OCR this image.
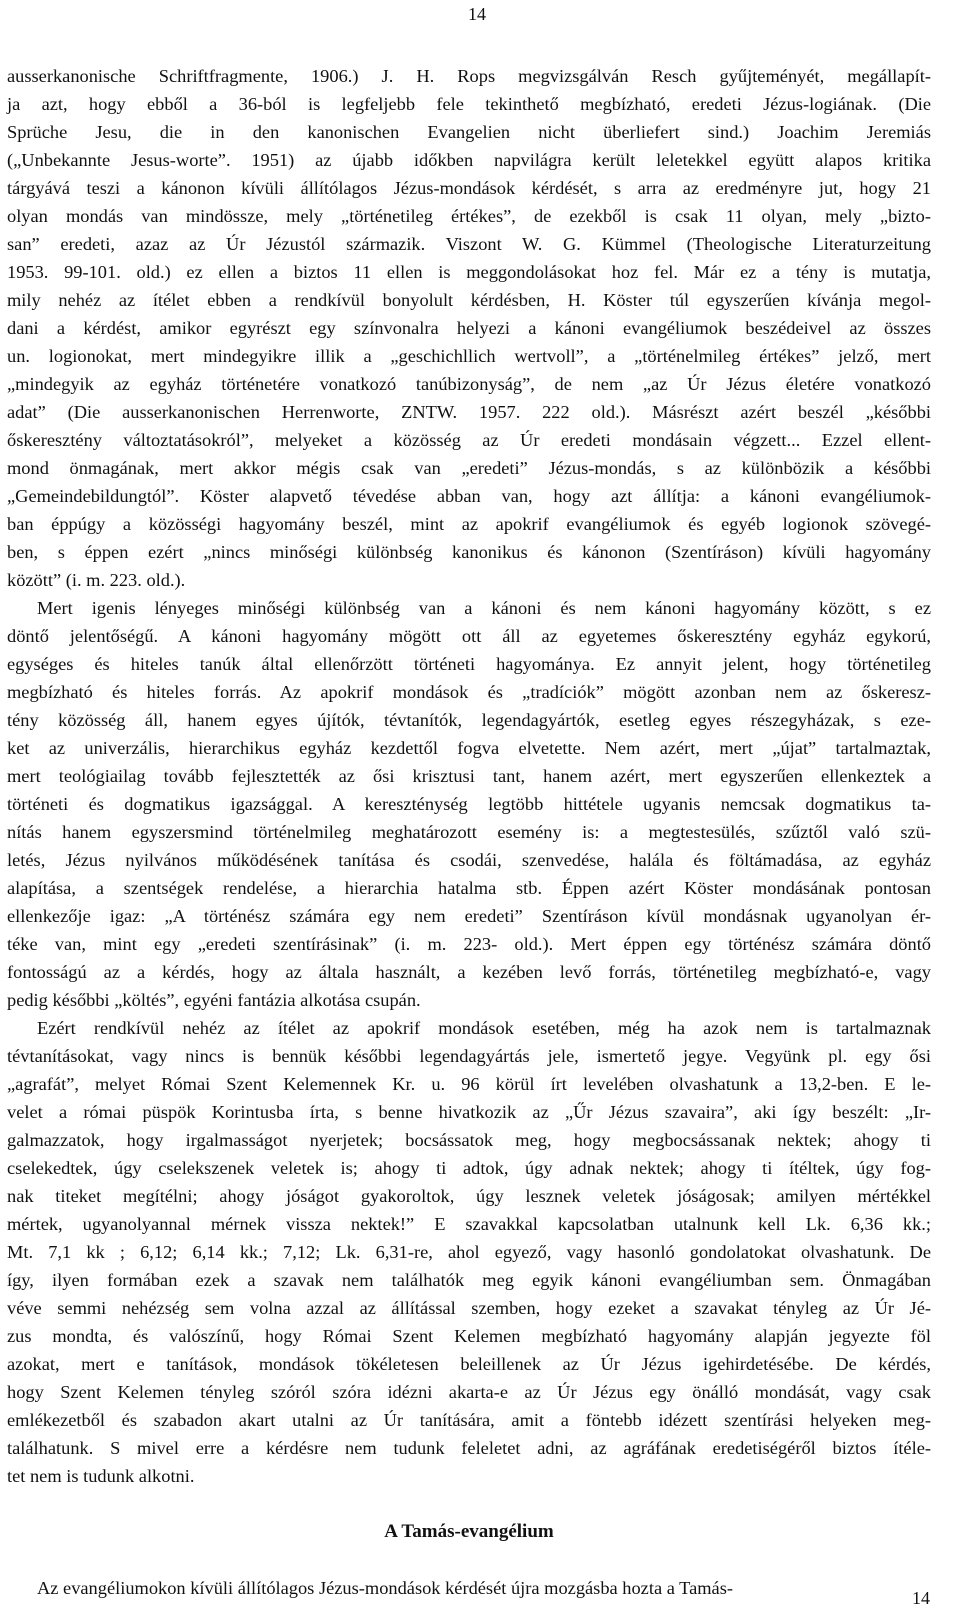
14
ausserkanonische Schriftfragmente, 1906.) J. H. Rops megvizsgálván Resch gyűjteményét, megállapít-
ja azt, hogy ebből a 36-ból is legfeljebb fele tekinthető megbízható, eredeti Jézus-logiának. (Die
Sprüche Jesu, die in den kanonischen Evangelien nicht überliefert sind.) Joachim Jeremiás
(„Unbekannte Jesus-worte”. 1951) az újabb időkben napvilágra került leletekkel együtt alapos kritika
tárgyává teszi a kánonon kívüli állítólagos Jézus-mondások kérdését, s arra az eredményre jut, hogy 21
olyan mondás van mindössze, mely „történetileg értékes”, de ezekből is csak 11 olyan, mely „bizto-
san” eredeti, azaz az Úr Jézustól származik. Viszont W. G. Kümmel (Theologische Literaturzeitung
1953. 99-101. old.) ez ellen a biztos 11 ellen is meggondolásokat hoz fel. Már ez a tény is mutatja,
mily nehéz az ítélet ebben a rendkívül bonyolult kérdésben, H. Köster túl egyszerűen kívánja megol-
dani a kérdést, amikor egyrészt egy színvonalra helyezi a kánoni evangéliumok beszédeivel az összes
un. logionokat, mert mindegyikre illik a „geschichllich wertvoll”, a „történelmileg értékes” jelző, mert
„mindegyik az egyház történetére vonatkozó tanúbizonyság”, de nem „az Úr Jézus életére vonatkozó
adat” (Die ausserkanonischen Herrenworte, ZNTW. 1957. 222 old.). Másrészt azért beszél „későbbi
őskeresztény változtatásokról”, melyeket a közösség az Úr eredeti mondásain végzett... Ezzel ellent-
mond önmagának, mert akkor mégis csak van „eredeti” Jézus-mondás, s az különbözik a későbbi
„Gemeindebildungtól”. Köster alapvető tévedése abban van, hogy azt állítja: a kánoni evangéliumok-
ban éppúgy a közösségi hagyomány beszél, mint az apokrif evangéliumok és egyéb logionok szövegé-
ben, s éppen ezért „nincs minőségi különbség kanonikus és kánonon (Szentíráson) kívüli hagyomány
között” (i. m. 223. old.).
Mert igenis lényeges minőségi különbség van a kánoni és nem kánoni hagyomány között, s ez
döntő jelentőségű. A kánoni hagyomány mögött ott áll az egyetemes őskeresztény egyház egykorú,
egységes és hiteles tanúk által ellenőrzött történeti hagyománya. Ez annyit jelent, hogy történetileg
megbízható és hiteles forrás. Az apokrif mondások és „tradíciók” mögött azonban nem az őskeresz-
tény közösség áll, hanem egyes újítók, tévtanítók, legendagyártók, esetleg egyes részegyházak, s eze-
ket az univerzális, hierarchikus egyház kezdettől fogva elvetette. Nem azért, mert „újat” tartalmaztak,
mert teológiailag tovább fejlesztették az ősi krisztusi tant, hanem azért, mert egyszerűen ellenkeztek a
történeti és dogmatikus igazsággal. A kereszténység legtöbb hittétele ugyanis nemcsak dogmatikus ta-
nítás hanem egyszersmind történelmileg meghatározott esemény is: a megtestesülés, szűztől való szü-
letés, Jézus nyilvános működésének tanítása és csodái, szenvedése, halála és föltámadása, az egyház
alapítása, a szentségek rendelése, a hierarchia hatalma stb. Éppen azért Köster mondásának pontosan
ellenkezője igaz: „A történész számára egy nem eredeti” Szentíráson kívül mondásnak ugyanolyan ér-
téke van, mint egy „eredeti szentírásinak” (i. m. 223- old.). Mert éppen egy történész számára döntő
fontosságú az a kérdés, hogy az általa használt, a kezében levő forrás, történetileg megbízható-e, vagy
pedig későbbi „költés”, egyéni fantázia alkotása csupán.
Ezért rendkívül nehéz az ítélet az apokrif mondások esetében, még ha azok nem is tartalmaznak
tévtanításokat, vagy nincs is bennük későbbi legendagyártás jele, ismertető jegye. Vegyünk pl. egy ősi
„agrafát”, melyet Római Szent Kelemennek Kr. u. 96 körül írt levelében olvashatunk a 13,2-ben. E le-
velet a római püspök Korintusba írta, s benne hivatkozik az „Űr Jézus szavaira”, aki így beszélt: „Ir-
galmazzatok, hogy irgalmasságot nyerjetek; bocsássatok meg, hogy megbocsássanak nektek; ahogy ti
cselekedtek, úgy cselekszenek veletek is; ahogy ti adtok, úgy adnak nektek; ahogy ti ítéltek, úgy fog-
nak titeket megítélni; ahogy jóságot gyakoroltok, úgy lesznek veletek jóságosak; amilyen mértékkel
mértek, ugyanolyannal mérnek vissza nektek!” E szavakkal kapcsolatban utalnunk kell Lk. 6,36 kk.;
Mt. 7,1 kk ; 6,12; 6,14 kk.; 7,12; Lk. 6,31-re, ahol egyező, vagy hasonló gondolatokat olvashatunk. De
így, ilyen formában ezek a szavak nem találhatók meg egyik kánoni evangéliumban sem. Önmagában
véve semmi nehézség sem volna azzal az állítással szemben, hogy ezeket a szavakat tényleg az Úr Jé-
zus mondta, és valószínű, hogy Római Szent Kelemen megbízható hagyomány alapján jegyezte föl
azokat, mert e tanítások, mondások tökéletesen beleillenek az Úr Jézus igehirdetésébe. De kérdés,
hogy Szent Kelemen tényleg szóról szóra idézni akarta-e az Úr Jézus egy önálló mondását, vagy csak
emlékezetből és szabadon akart utalni az Úr tanítására, amit a föntebb idézett szentírási helyeken meg-
találhatunk. S mivel erre a kérdésre nem tudunk feleletet adni, az agráfának eredetiségéről biztos ítéle-
tet nem is tudunk alkotni.
A Tamás-evangélium
Az evangéliumokon kívüli állítólagos Jézus-mondások kérdését újra mozgásba hozta a Tamás-	14
